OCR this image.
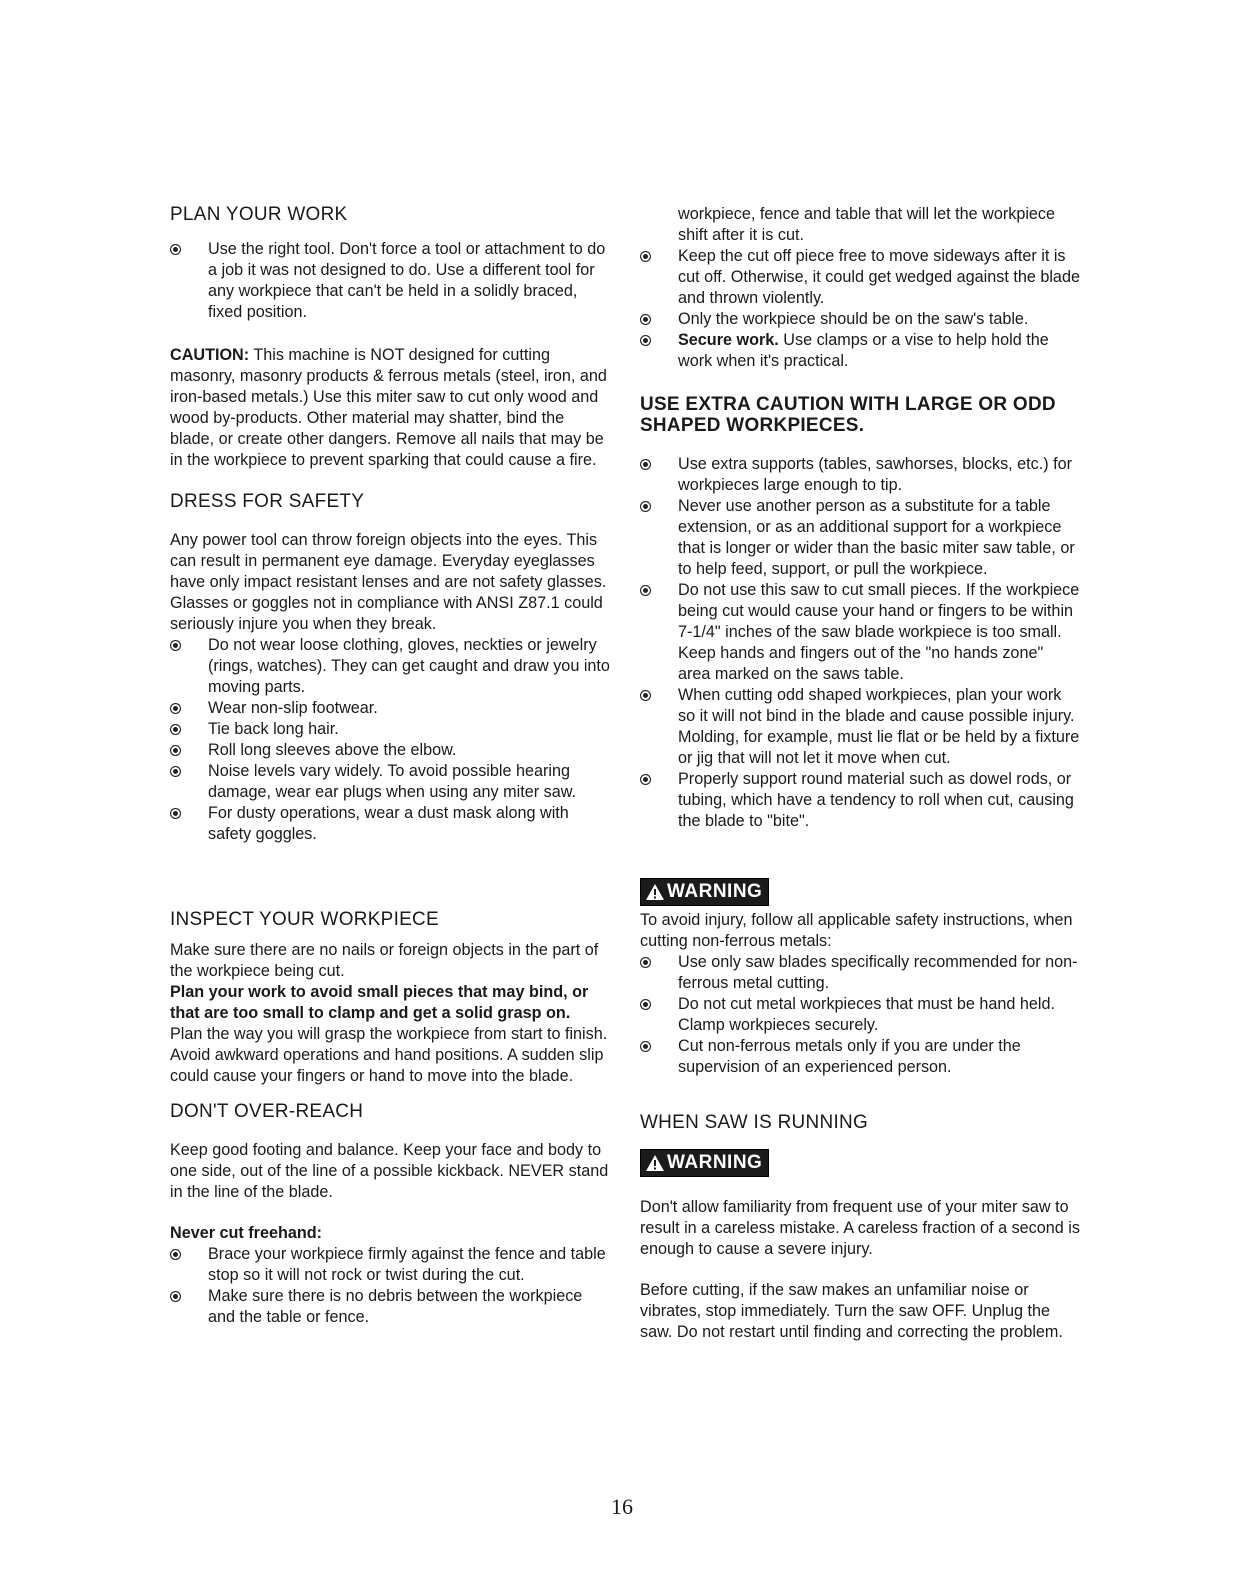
PLAN YOUR WORK
Use the right tool. Don't force a tool or attachment to do a job it was not designed to do. Use a different tool for any workpiece that can't be held in a solidly braced, fixed position.

CAUTION: This machine is NOT designed for cutting masonry, masonry products & ferrous metals (steel, iron, and iron-based metals.) Use this miter saw to cut only wood and wood by-products. Other material may shatter, bind the blade, or create other dangers. Remove all nails that may be in the workpiece to prevent sparking that could cause a fire.

DRESS FOR SAFETY

Any power tool can throw foreign objects into the eyes. This can result in permanent eye damage. Everyday eyeglasses have only impact resistant lenses and are not safety glasses. Glasses or goggles not in compliance with ANSI Z87.1 could seriously injure you when they break.

Do not wear loose clothing, gloves, neckties or jewelry (rings, watches). They can get caught and draw you into moving parts.
Wear non-slip footwear.
Tie back long hair.
Roll long sleeves above the elbow.
Noise levels vary widely. To avoid possible hearing damage, wear ear plugs when using any miter saw.
For dusty operations, wear a dust mask along with safety goggles.
INSPECT YOUR WORKPIECE

Make sure there are no nails or foreign objects in the part of the workpiece being cut.

Plan your work to avoid small pieces that may bind, or that are too small to clamp and get a solid grasp on.

Plan the way you will grasp the workpiece from start to finish. Avoid awkward operations and hand positions. A sudden slip could cause your fingers or hand to move into the blade.

DON'T OVER-REACH

Keep good footing and balance. Keep your face and body to one side, out of the line of a possible kickback. NEVER stand in the line of the blade.

Never cut freehand:

Brace your workpiece firmly against the fence and table stop so it will not rock or twist during the cut.
Make sure there is no debris between the workpiece and the table or fence.

workpiece, fence and table that will let the workpiece shift after it is cut.

Keep the cut off piece free to move sideways after it is cut off. Otherwise, it could get wedged against the blade and thrown violently.
Only the workpiece should be on the saw's table.
Secure work. Use clamps or a vise to help hold the work when it's practical.
USE EXTRA CAUTION WITH LARGE OR ODD SHAPED WORKPIECES.
Use extra supports (tables, sawhorses, blocks, etc.) for workpieces large enough to tip.
Never use another person as a substitute for a table extension, or as an additional support for a workpiece that is longer or wider than the basic miter saw table, or to help feed, support, or pull the workpiece.
Do not use this saw to cut small pieces. If the workpiece being cut would cause your hand or fingers to be within 7-1/4" inches of the saw blade workpiece is too small. Keep hands and fingers out of the "no hands zone" area marked on the saws table.
When cutting odd shaped workpieces, plan your work so it will not bind in the blade and cause possible injury. Molding, for example, must lie flat or be held by a fixture or jig that will not let it move when cut.
Properly support round material such as dowel rods, or tubing, which have a tendency to roll when cut, causing the blade to "bite".
WARNING

To avoid injury, follow all applicable safety instructions, when cutting non-ferrous metals:

Use only saw blades specifically recommended for non-ferrous metal cutting.
Do not cut metal workpieces that must be hand held. Clamp workpieces securely.
Cut non-ferrous metals only if you are under the supervision of an experienced person.
WHEN SAW IS RUNNING
WARNING

Don't allow familiarity from frequent use of your miter saw to result in a careless mistake. A careless fraction of a second is enough to cause a severe injury.

Before cutting, if the saw makes an unfamiliar noise or vibrates, stop immediately. Turn the saw OFF. Unplug the saw. Do not restart until finding and correcting the problem.

16
